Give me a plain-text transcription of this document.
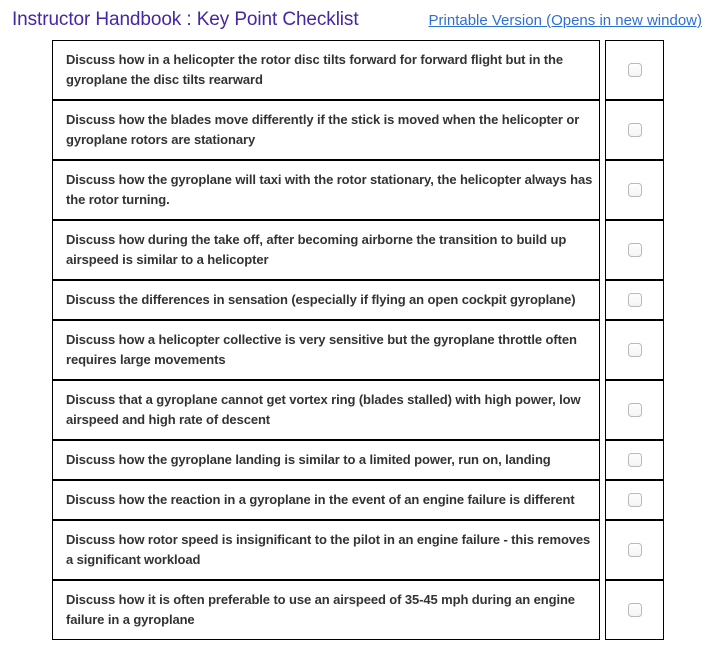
Instructor Handbook : Key Point Checklist	Printable Version (Opens in new window)
Discuss how in a helicopter the rotor disc tilts forward for forward flight but in the gyroplane the disc tilts rearward	
Discuss how the blades move differently if the stick is moved when the helicopter or gyroplane rotors are stationary	
Discuss how the gyroplane will taxi with the rotor stationary, the helicopter always has the rotor turning.	
Discuss how during the take off, after becoming airborne the transition to build up airspeed is similar to a helicopter	
Discuss the differences in sensation (especially if flying an open cockpit gyroplane)	
Discuss how a helicopter collective is very sensitive but the gyroplane throttle often requires large movements	
Discuss that a gyroplane cannot get vortex ring (blades stalled) with high power, low airspeed and high rate of descent	
Discuss how the gyroplane landing is similar to a limited power, run on, landing	
Discuss how the reaction in a gyroplane in the event of an engine failure is different	
Discuss how rotor speed is insignificant to the pilot in an engine failure - this removes a significant workload	
Discuss how it is often preferable to use an airspeed of 35-45 mph during an engine failure in a gyroplane	
